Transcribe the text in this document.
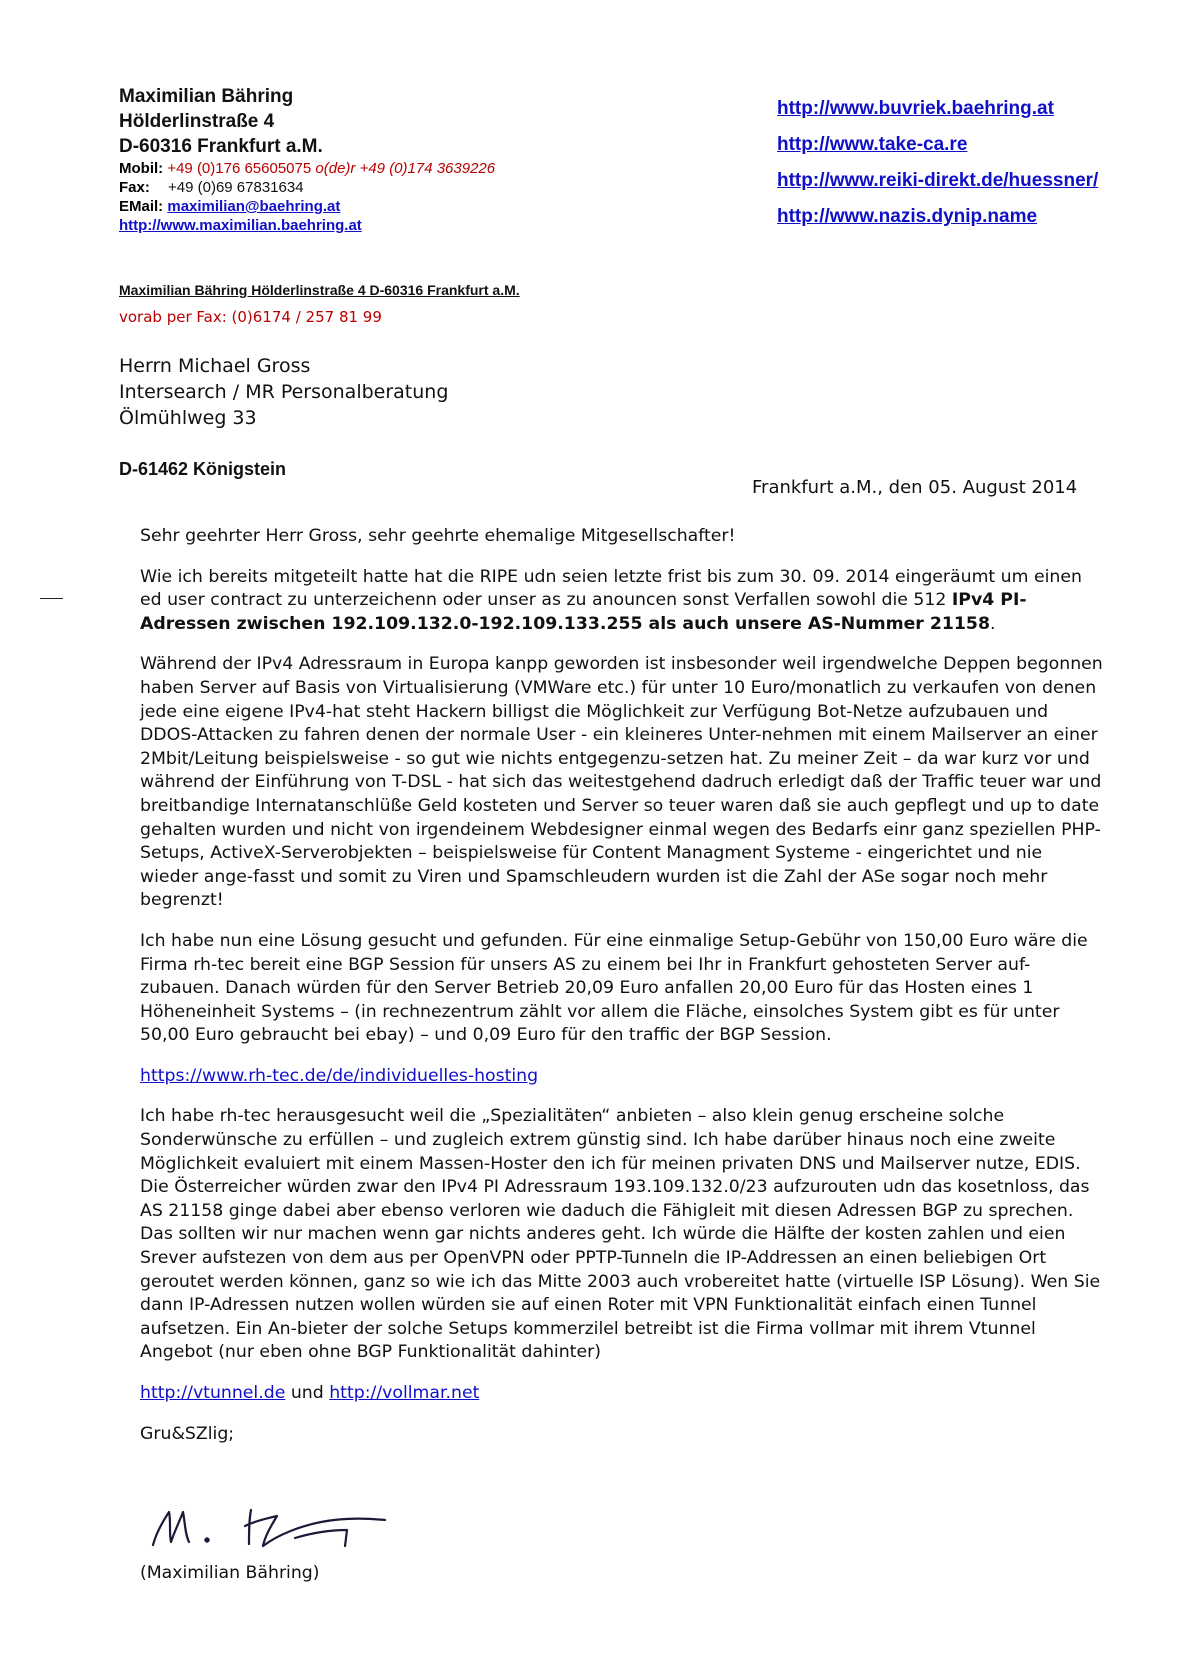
Maximilian Bähring
Hölderlinstraße 4
D-60316 Frankfurt a.M.
Mobil: +49 (0)176 65605075 o(de)r +49 (0)174 3639226
Fax: +49 (0)69 67831634
EMail: maximilian@baehring.at
http://www.maximilian.baehring.at
http://www.buvriek.baehring.at
http://www.take-ca.re
http://www.reiki-direkt.de/huessner/
http://www.nazis.dynip.name
Maximilian Bähring Hölderlinstraße 4 D-60316 Frankfurt a.M.
vorab per Fax: (0)6174 / 257 81 99
Herrn Michael Gross
Intersearch / MR Personalberatung
Ölmühlweg 33
D-61462 Königstein
Frankfurt a.M., den 05. August 2014

Sehr geehrter Herr Gross, sehr geehrte ehemalige Mitgesellschafter!

Wie ich bereits mitgeteilt hatte hat die RIPE udn seien letzte frist bis zum 30. 09. 2014 eingeräumt um einen ed user contract zu unterzeichenn oder unser as zu anouncen sonst Verfallen sowohl die 512 IPv4 PI- Adressen zwischen 192.109.132.0-192.109.133.255 als auch unsere AS-Nummer 21158.

Während der IPv4 Adressraum in Europa kanpp geworden ist insbesonder weil irgendwelche Deppen begonnen haben Server auf Basis von Virtualisierung (VMWare etc.) für unter 10 Euro/monatlich zu verkaufen von denen jede eine eigene IPv4-hat steht Hackern billigst die Möglichkeit zur Verfügung Bot-Netze aufzubauen und DDOS-Attacken zu fahren denen der normale User - ein kleineres Unter-nehmen mit einem Mailserver an einer 2Mbit/Leitung beispielsweise - so gut wie nichts entgegenzu-setzen hat. Zu meiner Zeit – da war kurz vor und während der Einführung von T-DSL - hat sich das weitestgehend dadruch erledigt daß der Traffic teuer war und breitbandige Internatanschlüße Geld kosteten und Server so teuer waren daß sie auch gepflegt und up to date gehalten wurden und nicht von irgendeinem Webdesigner einmal wegen des Bedarfs einr ganz speziellen PHP-Setups, ActiveX-Serverobjekten – beispielsweise für Content Managment Systeme - eingerichtet und nie wieder ange-fasst und somit zu Viren und Spamschleudern wurden ist die Zahl der ASe sogar noch mehr begrenzt!

Ich habe nun eine Lösung gesucht und gefunden. Für eine einmalige Setup-Gebühr von 150,00 Euro wäre die Firma rh-tec bereit eine BGP Session für unsers AS zu einem bei Ihr in Frankfurt gehosteten Server auf-zubauen. Danach würden für den Server Betrieb 20,09 Euro anfallen 20,00 Euro für das Hosten eines 1 Höheneinheit Systems – (in rechnezentrum zählt vor allem die Fläche, einsolches System gibt es für unter 50,00 Euro gebraucht bei ebay) – und 0,09 Euro für den traffic der BGP Session.

https://www.rh-tec.de/de/individuelles-hosting

Ich habe rh-tec herausgesucht weil die „Spezialitäten“ anbieten – also klein genug erscheine solche Sonderwünsche zu erfüllen – und zugleich extrem günstig sind. Ich habe darüber hinaus noch eine zweite Möglichkeit evaluiert mit einem Massen-Hoster den ich für meinen privaten DNS und Mailserver nutze, EDIS. Die Österreicher würden zwar den IPv4 PI Adressraum 193.109.132.0/23 aufzurouten udn das kosetnloss, das AS 21158 ginge dabei aber ebenso verloren wie daduch die Fähigleit mit diesen Adressen BGP zu sprechen. Das sollten wir nur machen wenn gar nichts anderes geht. Ich würde die Hälfte der kosten zahlen und eien Srever aufstezen von dem aus per OpenVPN oder PPTP-Tunneln die IP-Addressen an einen beliebigen Ort geroutet werden können, ganz so wie ich das Mitte 2003 auch vrobereitet hatte (virtuelle ISP Lösung). Wen Sie dann IP-Adressen nutzen wollen würden sie auf einen Roter mit VPN Funktionalität einfach einen Tunnel aufsetzen. Ein An-bieter der solche Setups kommerzilel betreibt ist die Firma vollmar mit ihrem Vtunnel Angebot (nur eben ohne BGP Funktionalität dahinter)

http://vtunnel.de und http://vollmar.net

Gru&SZlig;

(Maximilian Bähring)
